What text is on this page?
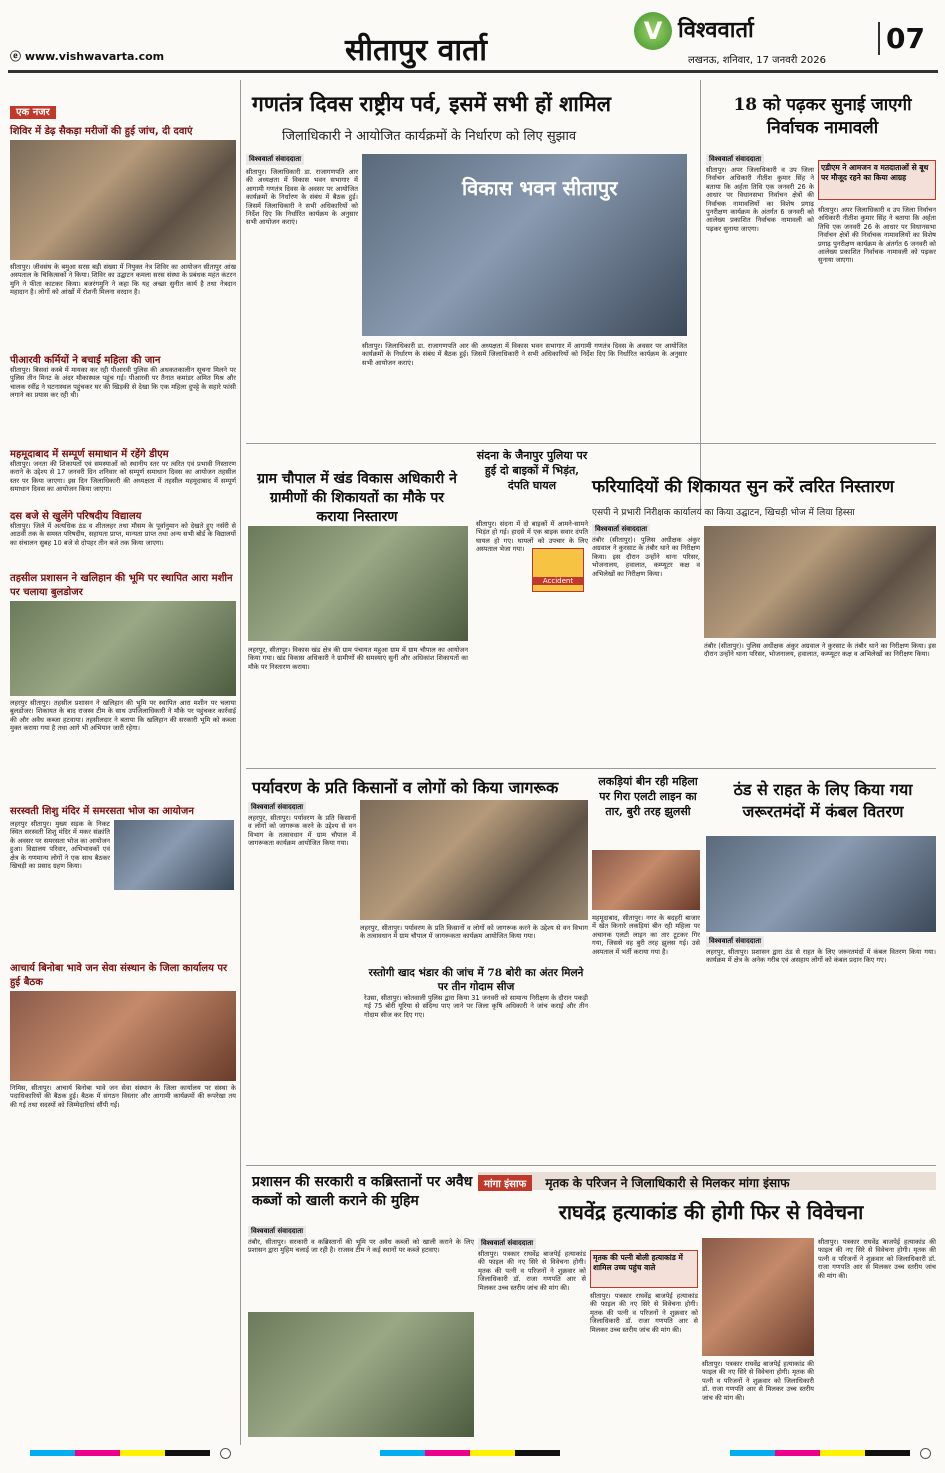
ⓔ www.vishwavarta.com	सीतापुर वार्ता
V विश्ववार्ता
लखनऊ, शनिवार, 17 जनवरी 2026
07
एक नजर
शिविर में डेढ़ सैकड़ा मरीजों की हुई जांच, दी दवाएं
सीतापुर। जीवसंघ के बमुआ सरस बड़ी संख्या में नियुक्त नेत्र शिविर का आयोजन सीतापुर आंख अस्पताल के चिकित्सकों ने किया। शिविर का उद्घाटन कमला सरस संस्था के प्रबंधक महंत कंटरन मुनि ने फीता काटकर किया। बजरंगमुनि ने कहा कि यह अच्छा सुनीत कार्य है तथा नेत्रदान महादान है। लोगों को आंखों में रोशनी मिलना वरदान है।
पीआरवी कर्मियों ने बचाई महिला की जान
सीतापुर। बिसवां कस्बे में मायका कर रही पीआरवी पुलिस की अथकतकालीन सूचना मिलने पर पुलिस तीन मिनट के अंदर मौकास्थल पहुंच गई। पीआरवी पर तैनात कमांडर अमित मिश्र और चालक रवींद्र ने घटनास्थल पहुंचकर घर की खिड़की से देखा कि एक महिला दुपट्टे के सहारे फांसी लगाने का प्रयास कर रही थी।
महमूदाबाद में सम्पूर्ण समाधान में रहेंगे डीएम
सीतापुर। जनता की शिकायतों एवं समस्याओं को स्थानीय स्तर पर त्वरित एवं प्रभावी निस्तारण कराने के उद्देश्य से 17 जनवरी दिन शनिवार को सम्पूर्ण समाधान दिवस का आयोजन तहसील स्तर पर किया जाएगा। इस दिन जिलाधिकारी की अध्यक्षता में तहसील महमूदाबाद में सम्पूर्ण समाधान दिवस का आयोजन किया जाएगा।
दस बजे से खुलेंगे परिषदीय विद्यालय
सीतापुर। जिले में अत्यधिक ठंड व शीतलहर तथा मौसम के पूर्वानुमान को देखते हुए नर्सरी से आठवीं तक के समस्त परिषदीय, सहायता प्राप्त, मान्यता प्राप्त तथा अन्य सभी बोर्ड के विद्यालयों का संचालन सुबह 10 बजे से दोपहर तीन बजे तक किया जाएगा।
तहसील प्रशासन ने खलिहान की भूमि पर स्थापित आरा मशीन पर चलाया बुलडोजर
लहरपुर सीतापुर। तहसील प्रशासन ने खलिहान की भूमि पर स्थापित आरा मशीन पर चलाया बुलडोजर। शिकायत के बाद राजस्व टीम के साथ उपजिलाधिकारी ने मौके पर पहुंचकर कार्रवाई की और अवैध कब्जा हटवाया। तहसीलदार ने बताया कि खलिहान की सरकारी भूमि को कब्जा मुक्त कराया गया है तथा आगे भी अभियान जारी रहेगा।
सरस्वती शिशु मंदिर में समरसता भोज का आयोजन
लहरपुर सीतापुर। मुख्य सड़क के निकट स्थित सरस्वती शिशु मंदिर में मकर संक्रांति के अवसर पर समरसता भोज का आयोजन हुआ। विद्यालय परिवार, अभिभावकों एवं क्षेत्र के गणमान्य लोगों ने एक साथ बैठकर खिचड़ी का प्रसाद ग्रहण किया।
आचार्य बिनोबा भावे जन सेवा संस्थान के जिला कार्यालय पर हुई बैठक
निमिस, सीतापुर। आचार्य बिनोबा भावे जन सेवा संस्थान के जिला कार्यालय पर संस्था के पदाधिकारियों की बैठक हुई। बैठक में संगठन विस्तार और आगामी कार्यक्रमों की रूपरेखा तय की गई तथा सदस्यों को जिम्मेदारियां सौंपी गईं।
गणतंत्र दिवस राष्ट्रीय पर्व, इसमें सभी हों शामिल
जिलाधिकारी ने आयोजित कार्यक्रमों के निर्धारण को लिए सुझाव
विश्ववार्ता संवाददाता
सीतापुर। जिलाधिकारी डा. राजागणपति आर की अध्यक्षता में विकास भवन सभागार में आगामी गणतंत्र दिवस के अवसर पर आयोजित कार्यक्रमों के निर्धारण के संबंध में बैठक हुई। जिसमें जिलाधिकारी ने सभी अधिकारियों को निर्देश दिए कि निर्धारित कार्यक्रम के अनुसार सभी आयोजन कराएं।
विकास भवन सीतापुर
सीतापुर। जिलाधिकारी डा. राजागणपति आर की अध्यक्षता में विकास भवन सभागार में आगामी गणतंत्र दिवस के अवसर पर आयोजित कार्यक्रमों के निर्धारण के संबंध में बैठक हुई। जिसमें जिलाधिकारी ने सभी अधिकारियों को निर्देश दिए कि निर्धारित कार्यक्रम के अनुसार सभी आयोजन कराएं।
18 को पढ़कर सुनाई जाएगी निर्वाचक नामावली
विश्ववार्ता संवाददाता
सीतापुर। अपर जिलाधिकारी व उप जिला निर्वाचन अधिकारी नीतीश कुमार सिंह ने बताया कि अर्हता तिथि एक जनवरी 26 के आधार पर विधानसभा निर्वाचन क्षेत्रों की निर्वाचक नामावलियों का विशेष प्रगाढ़ पुनरीक्षण कार्यक्रम के अंतर्गत 6 जनवरी को आलेख्य प्रकाशित निर्वाचक नामावली को पढ़कर सुनाया जाएगा।
एडीएम ने आमजन व मतदाताओं से बूथ पर मौजूद रहने का किया आग्रह
सीतापुर। अपर जिलाधिकारी व उप जिला निर्वाचन अधिकारी नीतीश कुमार सिंह ने बताया कि अर्हता तिथि एक जनवरी 26 के आधार पर विधानसभा निर्वाचन क्षेत्रों की निर्वाचक नामावलियों का विशेष प्रगाढ़ पुनरीक्षण कार्यक्रम के अंतर्गत 6 जनवरी को आलेख्य प्रकाशित निर्वाचक नामावली को पढ़कर सुनाया जाएगा।
ग्राम चौपाल में खंड विकास अधिकारी ने ग्रामीणों की शिकायतों का मौके पर कराया निस्तारण
लहरपुर, सीतापुर। विकास खंड क्षेत्र की ग्राम पंचायत महुआ ग्राम में ग्राम चौपाल का आयोजन किया गया। खंड विकास अधिकारी ने ग्रामीणों की समस्याएं सुनीं और अधिकांश शिकायतों का मौके पर निस्तारण कराया।
संदना के जैनापुर पुलिया पर हुई दो बाइकों में भिड़ंत, दंपति घायल
Accident
सीतापुर। संदना में दो बाइकों में आमने-सामने भिड़ंत हो गई। हादसे में एक बाइक सवार दंपति घायल हो गए। घायलों को उपचार के लिए अस्पताल भेजा गया।
फरियादियों की शिकायत सुन करें त्वरित निस्तारण
एसपी ने प्रभारी निरीक्षक कार्यालय का किया उद्घाटन, खिचड़ी भोज में लिया हिस्सा
विश्ववार्ता संवाददाता
तंबौर (सीतापुर)। पुलिस अधीक्षक अंकुर अग्रवाल ने कुरसाट के तंबौर थाने का निरीक्षण किया। इस दौरान उन्होंने थाना परिसर, भोजनालय, हवालात, कम्प्यूटर कक्ष व अभिलेखों का निरीक्षण किया।
तंबौर (सीतापुर)। पुलिस अधीक्षक अंकुर अग्रवाल ने कुरसाट के तंबौर थाने का निरीक्षण किया। इस दौरान उन्होंने थाना परिसर, भोजनालय, हवालात, कम्प्यूटर कक्ष व अभिलेखों का निरीक्षण किया।
पर्यावरण के प्रति किसानों व लोगों को किया जागरूक
विश्ववार्ता संवाददाता
लहरपुर, सीतापुर। पर्यावरण के प्रति किसानों व लोगों को जागरूक करने के उद्देश्य से वन विभाग के तत्वावधान में ग्राम चौपाल में जागरूकता कार्यक्रम आयोजित किया गया।
लहरपुर, सीतापुर। पर्यावरण के प्रति किसानों व लोगों को जागरूक करने के उद्देश्य से वन विभाग के तत्वावधान में ग्राम चौपाल में जागरूकता कार्यक्रम आयोजित किया गया।
रस्तोगी खाद भंडार की जांच में 78 बोरी का अंतर मिलने पर तीन गोदाम सीज
रेउसा, सीतापुर। कोतवाली पुलिस द्वारा किया 31 जनवरी को सामान्य निरीक्षण के दौरान पकड़ी गई 75 बोरी यूरिया से संदिग्ध पाए जाने पर जिला कृषि अधिकारी ने जांच कराई और तीन गोदाम सीज कर दिए गए।
लकड़ियां बीन रही महिला पर गिरा एलटी लाइन का तार, बुरी तरह झुलसी
महमूदाबाद, सीतापुर। नगर के बदहरी बाजार में खेत किनारे लकड़ियां बीन रही महिला पर अचानक एलटी लाइन का तार टूटकर गिर गया, जिससे वह बुरी तरह झुलस गई। उसे अस्पताल में भर्ती कराया गया है।
ठंड से राहत के लिए किया गया जरूरतमंदों में कंबल वितरण
विश्ववार्ता संवाददाता
लहरपुर, सीतापुर। प्रशासन द्वारा ठंड से राहत के लिए जरूरतमंदों में कंबल वितरण किया गया। कार्यक्रम में क्षेत्र के अनेक गरीब एवं असहाय लोगों को कंबल प्रदान किए गए।
प्रशासन की सरकारी व कब्रिस्तानों पर अवैध कब्जों को खाली कराने की मुहिम
विश्ववार्ता संवाददाता
तंबौर, सीतापुर। सरकारी व कब्रिस्तानों की भूमि पर अवैध कब्जों को खाली कराने के लिए प्रशासन द्वारा मुहिम चलाई जा रही है। राजस्व टीम ने कई स्थानों पर कब्जे हटवाए।
मांगा इंसाफ मृतक के परिजन ने जिलाधिकारी से मिलकर मांगा इंसाफ
राघवेंद्र हत्याकांड की होगी फिर से विवेचना
विश्ववार्ता संवाददाता
सीतापुर। पत्रकार राघवेंद्र बाजपेई हत्याकांड की फाइल की नए सिरे से विवेचना होगी। मृतक की पत्नी व परिजनों ने शुक्रवार को जिलाधिकारी डॉ. राजा गणपति आर से मिलकर उच्च स्तरीय जांच की मांग की।
मृतक की पत्नी बोली हत्याकांड में शामिल उच्च पहुंच वाले
सीतापुर। पत्रकार राघवेंद्र बाजपेई हत्याकांड की फाइल की नए सिरे से विवेचना होगी। मृतक की पत्नी व परिजनों ने शुक्रवार को जिलाधिकारी डॉ. राजा गणपति आर से मिलकर उच्च स्तरीय जांच की मांग की।
सीतापुर। पत्रकार राघवेंद्र बाजपेई हत्याकांड की फाइल की नए सिरे से विवेचना होगी। मृतक की पत्नी व परिजनों ने शुक्रवार को जिलाधिकारी डॉ. राजा गणपति आर से मिलकर उच्च स्तरीय जांच की मांग की।
सीतापुर। पत्रकार राघवेंद्र बाजपेई हत्याकांड की फाइल की नए सिरे से विवेचना होगी। मृतक की पत्नी व परिजनों ने शुक्रवार को जिलाधिकारी डॉ. राजा गणपति आर से मिलकर उच्च स्तरीय जांच की मांग की।
